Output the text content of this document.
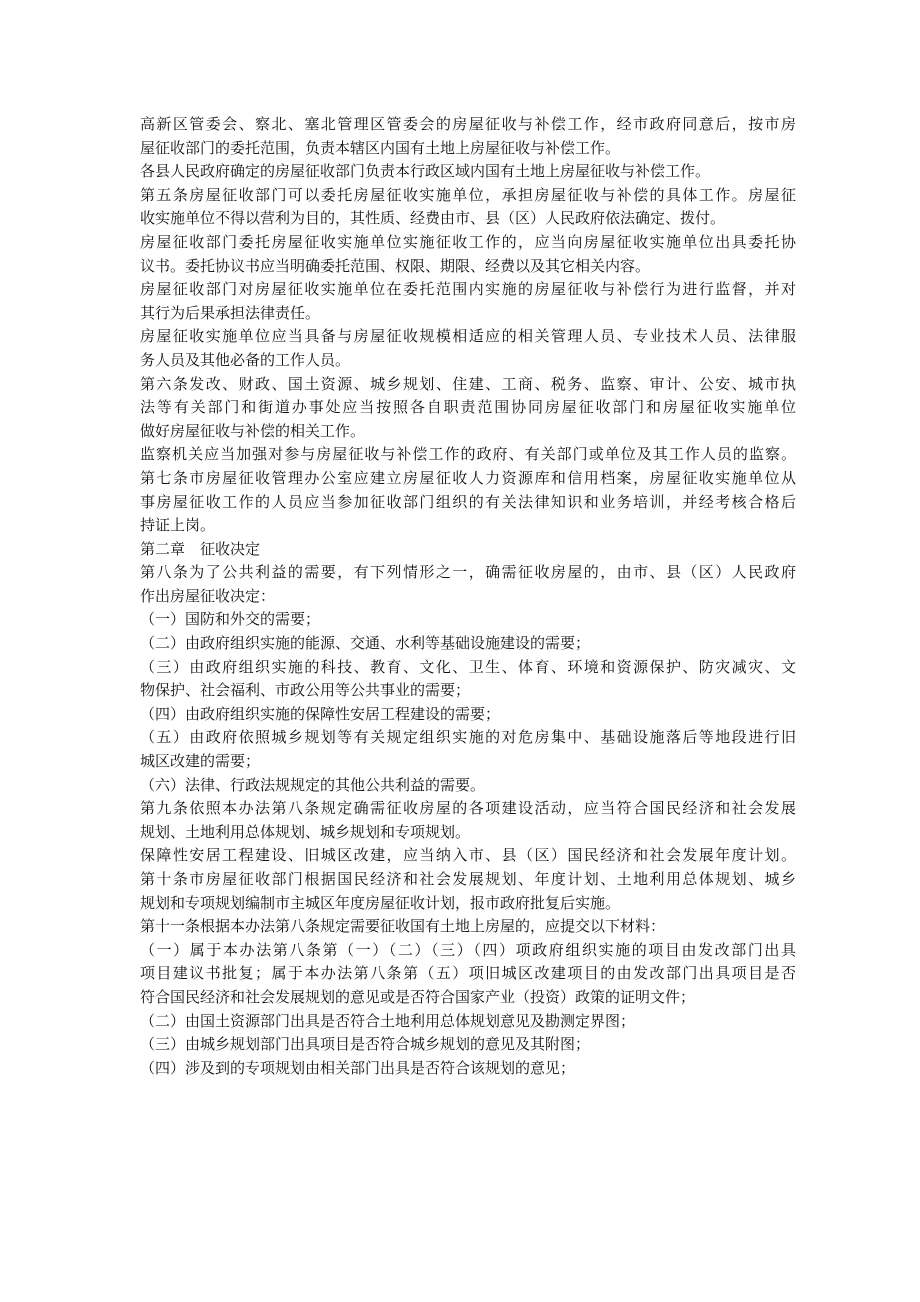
高新区管委会、察北、塞北管理区管委会的房屋征收与补偿工作，经市政府同意后，按市房
屋征收部门的委托范围，负责本辖区内国有土地上房屋征收与补偿工作。
各县人民政府确定的房屋征收部门负责本行政区域内国有土地上房屋征收与补偿工作。
第五条房屋征收部门可以委托房屋征收实施单位，承担房屋征收与补偿的具体工作。房屋征
收实施单位不得以营利为目的，其性质、经费由市、县（区）人民政府依法确定、拨付。
房屋征收部门委托房屋征收实施单位实施征收工作的，应当向房屋征收实施单位出具委托协
议书。委托协议书应当明确委托范围、权限、期限、经费以及其它相关内容。
房屋征收部门对房屋征收实施单位在委托范围内实施的房屋征收与补偿行为进行监督，并对
其行为后果承担法律责任。
房屋征收实施单位应当具备与房屋征收规模相适应的相关管理人员、专业技术人员、法律服
务人员及其他必备的工作人员。
第六条发改、财政、国土资源、城乡规划、住建、工商、税务、监察、审计、公安、城市执
法等有关部门和街道办事处应当按照各自职责范围协同房屋征收部门和房屋征收实施单位
做好房屋征收与补偿的相关工作。
监察机关应当加强对参与房屋征收与补偿工作的政府、有关部门或单位及其工作人员的监察。
第七条市房屋征收管理办公室应建立房屋征收人力资源库和信用档案，房屋征收实施单位从
事房屋征收工作的人员应当参加征收部门组织的有关法律知识和业务培训，并经考核合格后
持证上岗。
第二章　征收决定
第八条为了公共利益的需要，有下列情形之一，确需征收房屋的，由市、县（区）人民政府
作出房屋征收决定：
（一）国防和外交的需要；
（二）由政府组织实施的能源、交通、水利等基础设施建设的需要；
（三）由政府组织实施的科技、教育、文化、卫生、体育、环境和资源保护、防灾减灾、文
物保护、社会福利、市政公用等公共事业的需要；
（四）由政府组织实施的保障性安居工程建设的需要；
（五）由政府依照城乡规划等有关规定组织实施的对危房集中、基础设施落后等地段进行旧
城区改建的需要；
（六）法律、行政法规规定的其他公共利益的需要。
第九条依照本办法第八条规定确需征收房屋的各项建设活动，应当符合国民经济和社会发展
规划、土地利用总体规划、城乡规划和专项规划。
保障性安居工程建设、旧城区改建，应当纳入市、县（区）国民经济和社会发展年度计划。
第十条市房屋征收部门根据国民经济和社会发展规划、年度计划、土地利用总体规划、城乡
规划和专项规划编制市主城区年度房屋征收计划，报市政府批复后实施。
第十一条根据本办法第八条规定需要征收国有土地上房屋的，应提交以下材料：
（一）属于本办法第八条第（一）（二）（三）（四）项政府组织实施的项目由发改部门出具
项目建议书批复；属于本办法第八条第（五）项旧城区改建项目的由发改部门出具项目是否
符合国民经济和社会发展规划的意见或是否符合国家产业（投资）政策的证明文件；
（二）由国土资源部门出具是否符合土地利用总体规划意见及勘测定界图；
（三）由城乡规划部门出具项目是否符合城乡规划的意见及其附图；
（四）涉及到的专项规划由相关部门出具是否符合该规划的意见；
